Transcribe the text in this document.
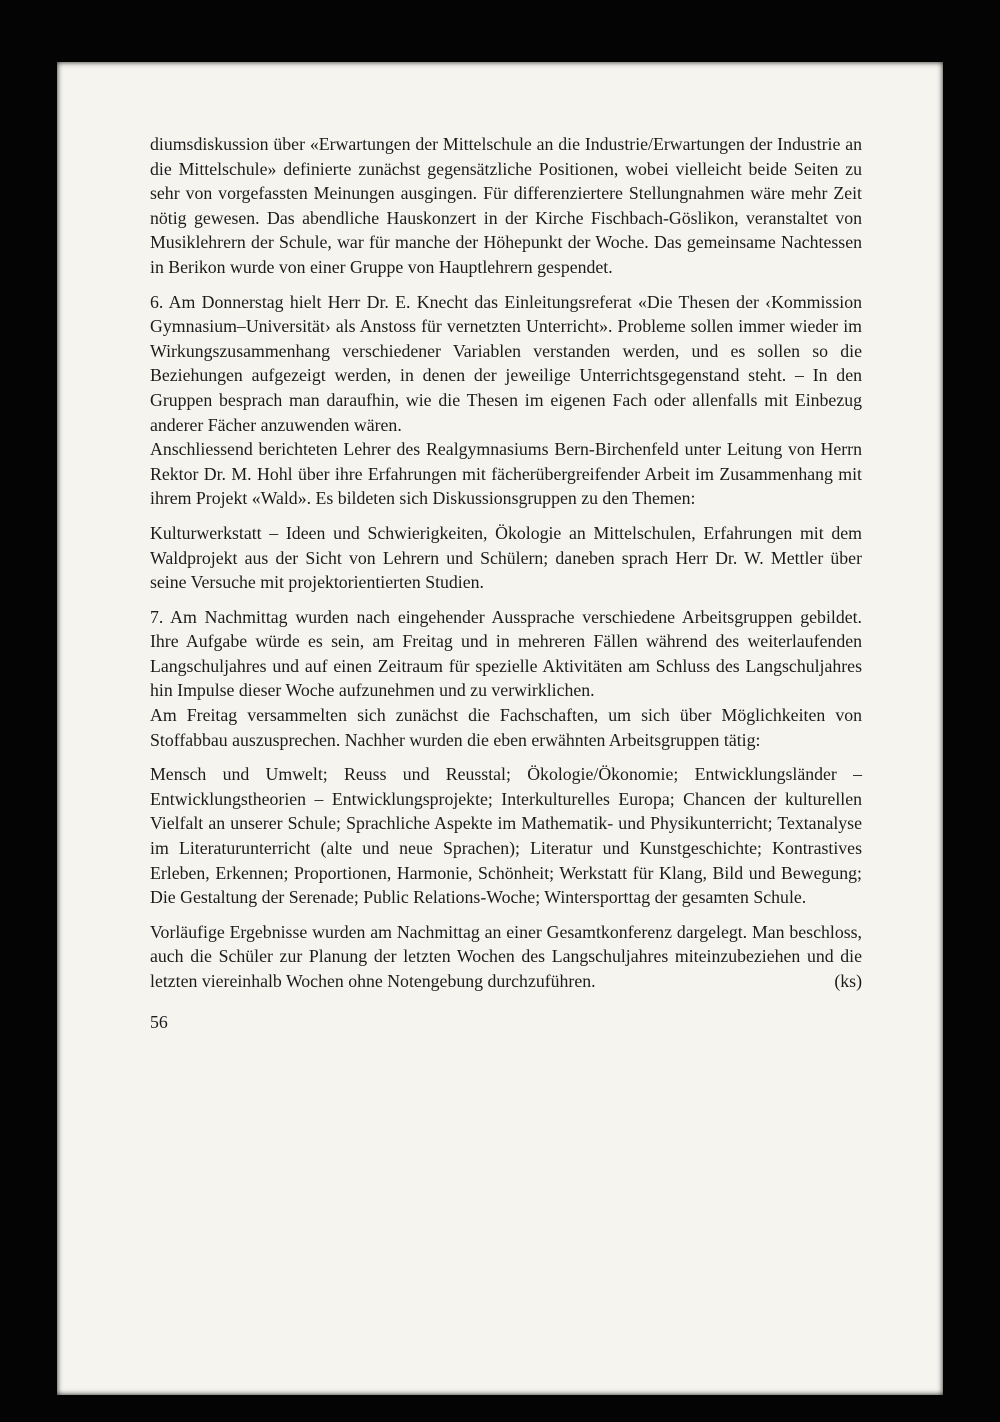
diumsdiskussion über «Erwartungen der Mittelschule an die Industrie/Erwartungen der Industrie an die Mittelschule» definierte zunächst gegensätzliche Positionen, wobei vielleicht beide Seiten zu sehr von vorgefassten Meinungen ausgingen. Für differenziertere Stellungnahmen wäre mehr Zeit nötig gewesen. Das abendliche Hauskonzert in der Kirche Fischbach-Göslikon, veranstaltet von Musiklehrern der Schule, war für manche der Höhepunkt der Woche. Das gemeinsame Nachtessen in Berikon wurde von einer Gruppe von Hauptlehrern gespendet.

6. Am Donnerstag hielt Herr Dr. E. Knecht das Einleitungsreferat «Die Thesen der ‹Kommission Gymnasium–Universität› als Anstoss für vernetzten Unterricht». Probleme sollen immer wieder im Wirkungszusammenhang verschiedener Variablen verstanden werden, und es sollen so die Beziehungen aufgezeigt werden, in denen der jeweilige Unterrichtsgegenstand steht. – In den Gruppen besprach man daraufhin, wie die Thesen im eigenen Fach oder allenfalls mit Einbezug anderer Fächer anzuwenden wären.

Anschliessend berichteten Lehrer des Realgymnasiums Bern-Birchenfeld unter Leitung von Herrn Rektor Dr. M. Hohl über ihre Erfahrungen mit fächerübergreifender Arbeit im Zusammenhang mit ihrem Projekt «Wald». Es bildeten sich Diskussionsgruppen zu den Themen:

Kulturwerkstatt – Ideen und Schwierigkeiten, Ökologie an Mittelschulen, Erfahrungen mit dem Waldprojekt aus der Sicht von Lehrern und Schülern; daneben sprach Herr Dr. W. Mettler über seine Versuche mit projektorientierten Studien.

7. Am Nachmittag wurden nach eingehender Aussprache verschiedene Arbeitsgruppen gebildet. Ihre Aufgabe würde es sein, am Freitag und in mehreren Fällen während des weiterlaufenden Langschuljahres und auf einen Zeitraum für spezielle Aktivitäten am Schluss des Langschuljahres hin Impulse dieser Woche aufzunehmen und zu verwirklichen.

Am Freitag versammelten sich zunächst die Fachschaften, um sich über Möglichkeiten von Stoffabbau auszusprechen. Nachher wurden die eben erwähnten Arbeitsgruppen tätig:

Mensch und Umwelt; Reuss und Reusstal; Ökologie/Ökonomie; Entwicklungsländer – Entwicklungstheorien – Entwicklungsprojekte; Interkulturelles Europa; Chancen der kulturellen Vielfalt an unserer Schule; Sprachliche Aspekte im Mathematik- und Physikunterricht; Textanalyse im Literaturunterricht (alte und neue Sprachen); Literatur und Kunstgeschichte; Kontrastives Erleben, Erkennen; Proportionen, Harmonie, Schönheit; Werkstatt für Klang, Bild und Bewegung; Die Gestaltung der Serenade; Public Relations-Woche; Wintersporttag der gesamten Schule.

Vorläufige Ergebnisse wurden am Nachmittag an einer Gesamtkonferenz dargelegt. Man beschloss, auch die Schüler zur Planung der letzten Wochen des Langschuljahres miteinzubeziehen und die letzten viereinhalb Wochen ohne Notengebung durchzuführen.	(ks)

56
